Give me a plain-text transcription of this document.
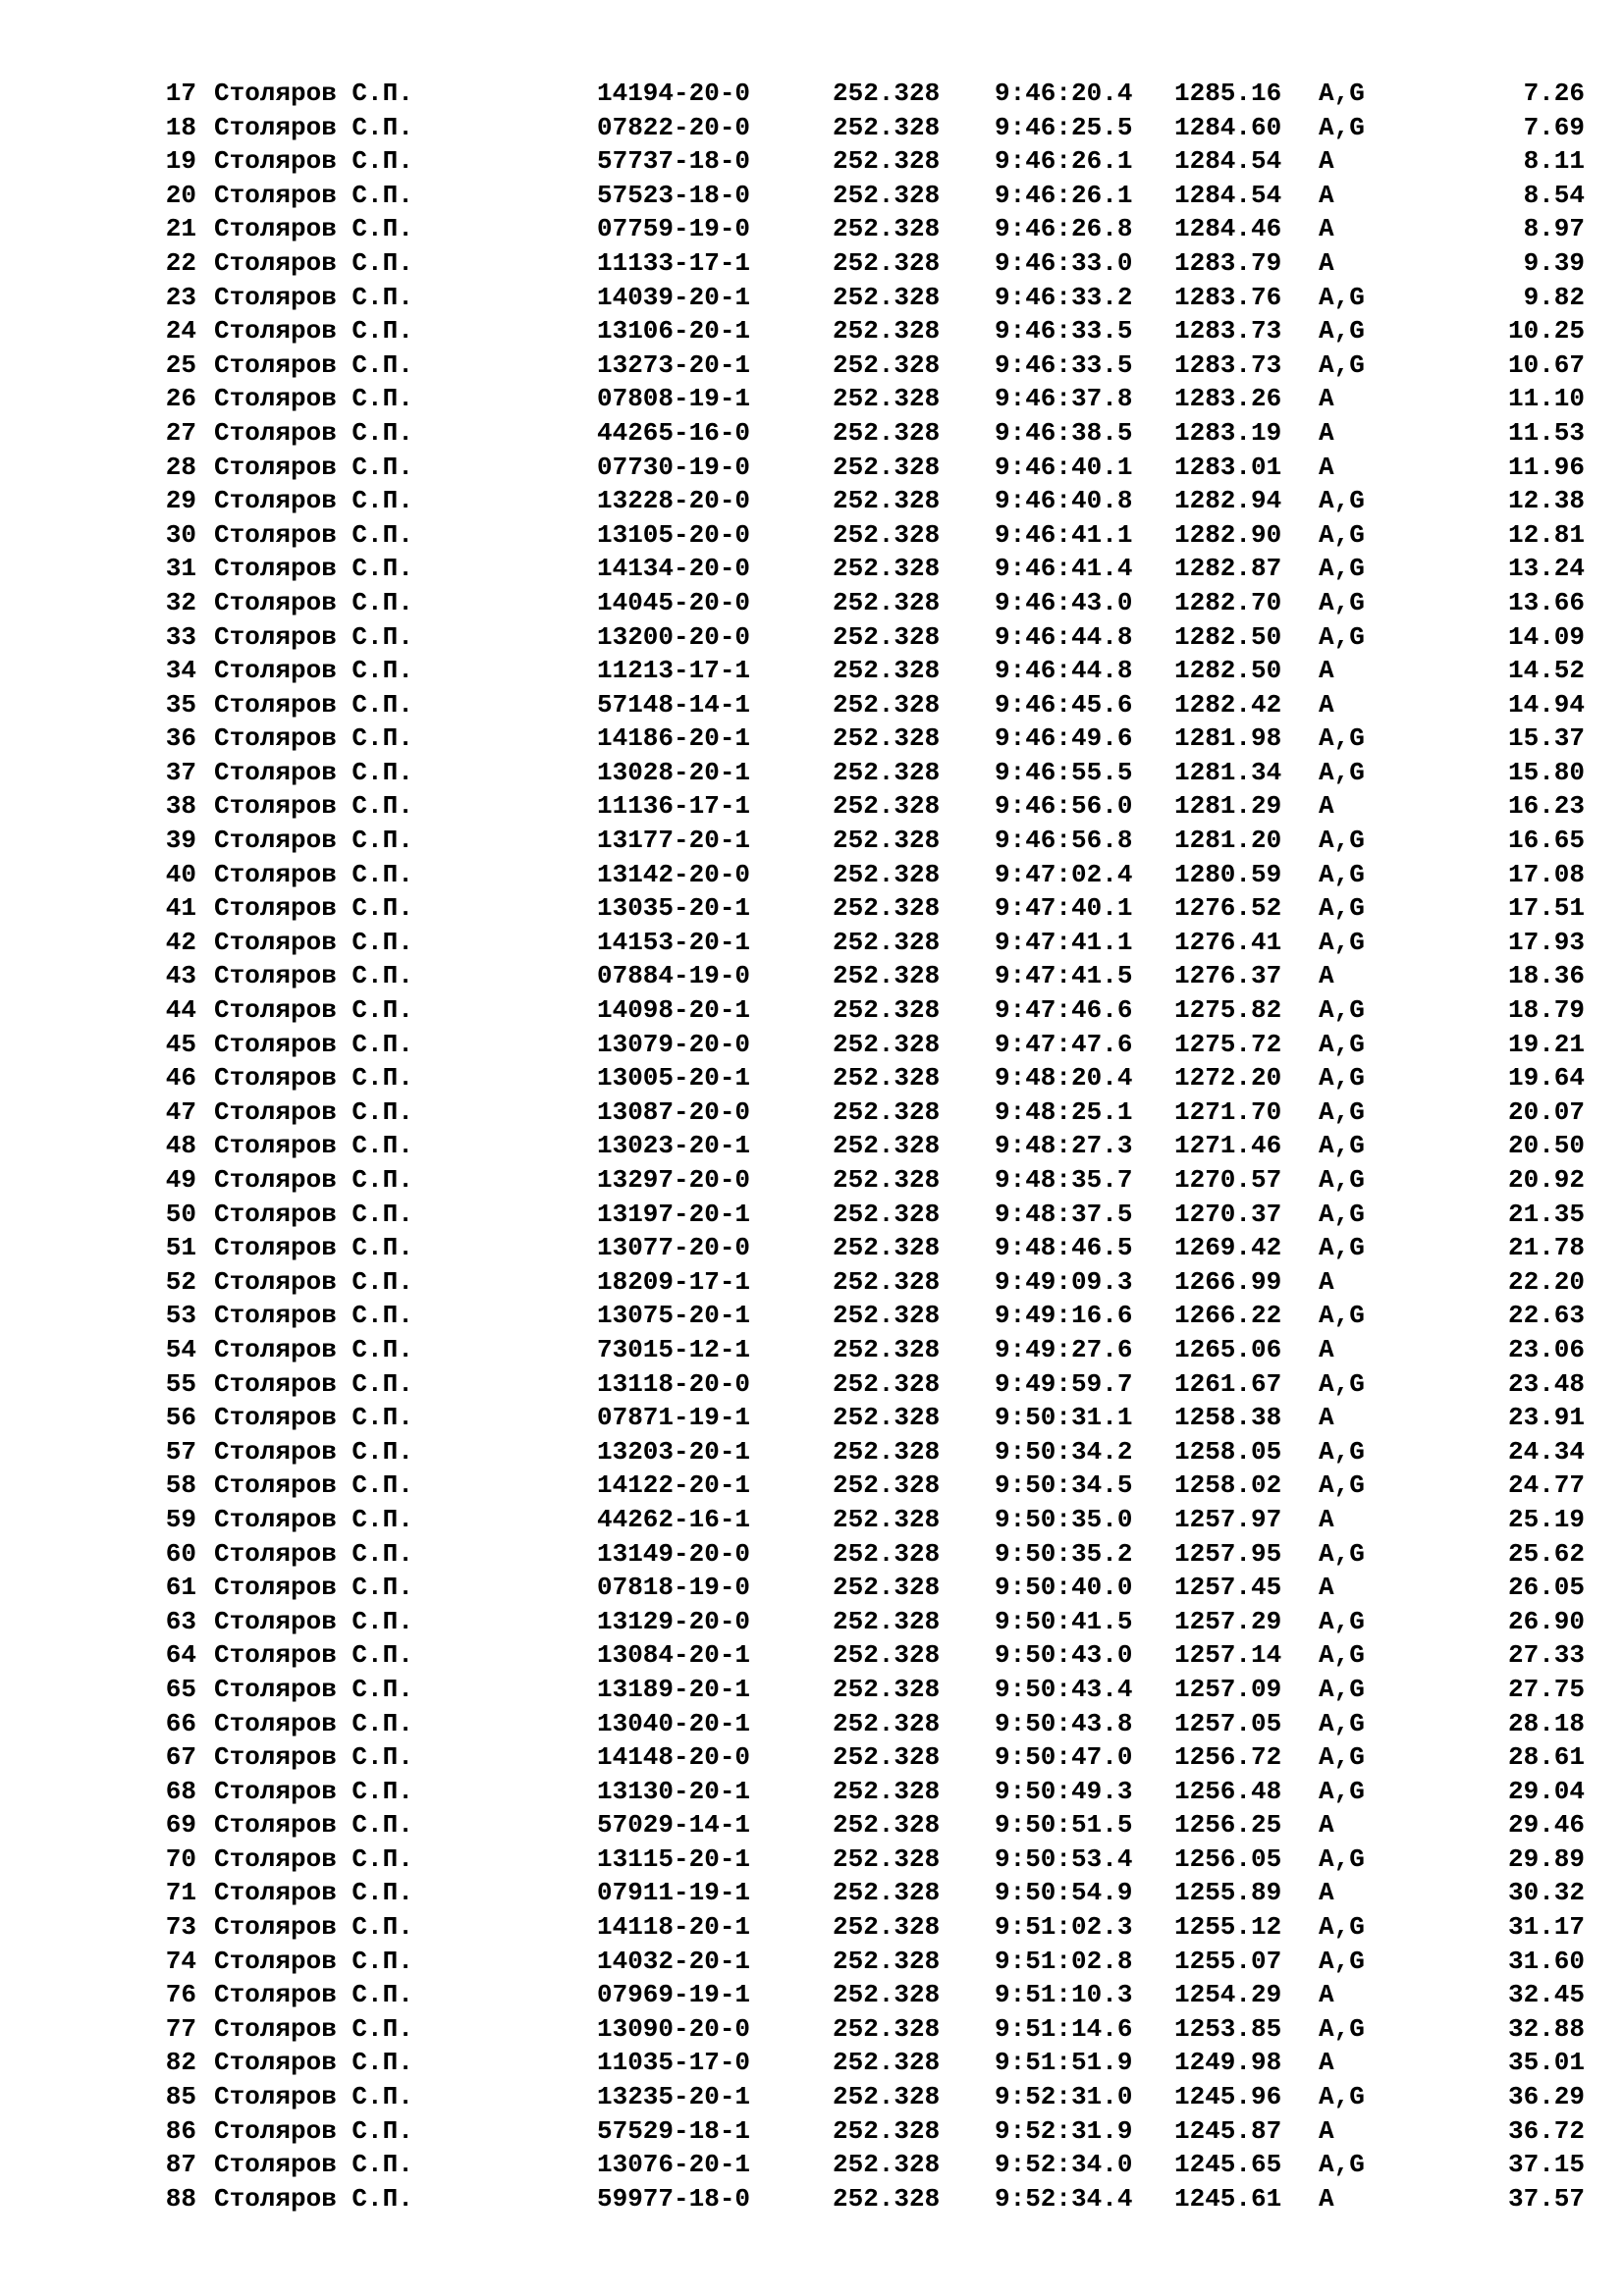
17 Столяров С.П.	14194-20-0	252.328 9:46:20.4 1285.16 A,G	7.26
18 Столяров С.П.	07822-20-0	252.328 9:46:25.5 1284.60 A,G	7.69
19 Столяров С.П.	57737-18-0	252.328 9:46:26.1 1284.54 A	8.11
20 Столяров С.П.	57523-18-0	252.328 9:46:26.1 1284.54 A	8.54
21 Столяров С.П.	07759-19-0	252.328 9:46:26.8 1284.46 A	8.97
22 Столяров С.П.	11133-17-1	252.328 9:46:33.0 1283.79 A	9.39
23 Столяров С.П.	14039-20-1	252.328 9:46:33.2 1283.76 A,G	9.82
24 Столяров С.П.	13106-20-1	252.328 9:46:33.5 1283.73 A,G	10.25
25 Столяров С.П.	13273-20-1	252.328 9:46:33.5 1283.73 A,G	10.67
26 Столяров С.П.	07808-19-1	252.328 9:46:37.8 1283.26 A	11.10
27 Столяров С.П.	44265-16-0	252.328 9:46:38.5 1283.19 A	11.53
28 Столяров С.П.	07730-19-0	252.328 9:46:40.1 1283.01 A	11.96
29 Столяров С.П.	13228-20-0	252.328 9:46:40.8 1282.94 A,G	12.38
30 Столяров С.П.	13105-20-0	252.328 9:46:41.1 1282.90 A,G	12.81
31 Столяров С.П.	14134-20-0	252.328 9:46:41.4 1282.87 A,G	13.24
32 Столяров С.П.	14045-20-0	252.328 9:46:43.0 1282.70 A,G	13.66
33 Столяров С.П.	13200-20-0	252.328 9:46:44.8 1282.50 A,G	14.09
34 Столяров С.П.	11213-17-1	252.328 9:46:44.8 1282.50 A	14.52
35 Столяров С.П.	57148-14-1	252.328 9:46:45.6 1282.42 A	14.94
36 Столяров С.П.	14186-20-1	252.328 9:46:49.6 1281.98 A,G	15.37
37 Столяров С.П.	13028-20-1	252.328 9:46:55.5 1281.34 A,G	15.80
38 Столяров С.П.	11136-17-1	252.328 9:46:56.0 1281.29 A	16.23
39 Столяров С.П.	13177-20-1	252.328 9:46:56.8 1281.20 A,G	16.65
40 Столяров С.П.	13142-20-0	252.328 9:47:02.4 1280.59 A,G	17.08
41 Столяров С.П.	13035-20-1	252.328 9:47:40.1 1276.52 A,G	17.51
42 Столяров С.П.	14153-20-1	252.328 9:47:41.1 1276.41 A,G	17.93
43 Столяров С.П.	07884-19-0	252.328 9:47:41.5 1276.37 A	18.36
44 Столяров С.П.	14098-20-1	252.328 9:47:46.6 1275.82 A,G	18.79
45 Столяров С.П.	13079-20-0	252.328 9:47:47.6 1275.72 A,G	19.21
46 Столяров С.П.	13005-20-1	252.328 9:48:20.4 1272.20 A,G	19.64
47 Столяров С.П.	13087-20-0	252.328 9:48:25.1 1271.70 A,G	20.07
48 Столяров С.П.	13023-20-1	252.328 9:48:27.3 1271.46 A,G	20.50
49 Столяров С.П.	13297-20-0	252.328 9:48:35.7 1270.57 A,G	20.92
50 Столяров С.П.	13197-20-1	252.328 9:48:37.5 1270.37 A,G	21.35
51 Столяров С.П.	13077-20-0	252.328 9:48:46.5 1269.42 A,G	21.78
52 Столяров С.П.	18209-17-1	252.328 9:49:09.3 1266.99 A	22.20
53 Столяров С.П.	13075-20-1	252.328 9:49:16.6 1266.22 A,G	22.63
54 Столяров С.П.	73015-12-1	252.328 9:49:27.6 1265.06 A	23.06
55 Столяров С.П.	13118-20-0	252.328 9:49:59.7 1261.67 A,G	23.48
56 Столяров С.П.	07871-19-1	252.328 9:50:31.1 1258.38 A	23.91
57 Столяров С.П.	13203-20-1	252.328 9:50:34.2 1258.05 A,G	24.34
58 Столяров С.П.	14122-20-1	252.328 9:50:34.5 1258.02 A,G	24.77
59 Столяров С.П.	44262-16-1	252.328 9:50:35.0 1257.97 A	25.19
60 Столяров С.П.	13149-20-0	252.328 9:50:35.2 1257.95 A,G	25.62
61 Столяров С.П.	07818-19-0	252.328 9:50:40.0 1257.45 A	26.05
63 Столяров С.П.	13129-20-0	252.328 9:50:41.5 1257.29 A,G	26.90
64 Столяров С.П.	13084-20-1	252.328 9:50:43.0 1257.14 A,G	27.33
65 Столяров С.П.	13189-20-1	252.328 9:50:43.4 1257.09 A,G	27.75
66 Столяров С.П.	13040-20-1	252.328 9:50:43.8 1257.05 A,G	28.18
67 Столяров С.П.	14148-20-0	252.328 9:50:47.0 1256.72 A,G	28.61
68 Столяров С.П.	13130-20-1	252.328 9:50:49.3 1256.48 A,G	29.04
69 Столяров С.П.	57029-14-1	252.328 9:50:51.5 1256.25 A	29.46
70 Столяров С.П.	13115-20-1	252.328 9:50:53.4 1256.05 A,G	29.89
71 Столяров С.П.	07911-19-1	252.328 9:50:54.9 1255.89 A	30.32
73 Столяров С.П.	14118-20-1	252.328 9:51:02.3 1255.12 A,G	31.17
74 Столяров С.П.	14032-20-1	252.328 9:51:02.8 1255.07 A,G	31.60
76 Столяров С.П.	07969-19-1	252.328 9:51:10.3 1254.29 A	32.45
77 Столяров С.П.	13090-20-0	252.328 9:51:14.6 1253.85 A,G	32.88
82 Столяров С.П.	11035-17-0	252.328 9:51:51.9 1249.98 A	35.01
85 Столяров С.П.	13235-20-1	252.328 9:52:31.0 1245.96 A,G	36.29
86 Столяров С.П.	57529-18-1	252.328 9:52:31.9 1245.87 A	36.72
87 Столяров С.П.	13076-20-1	252.328 9:52:34.0 1245.65 A,G	37.15
88 Столяров С.П.	59977-18-0	252.328 9:52:34.4 1245.61 A	37.57
